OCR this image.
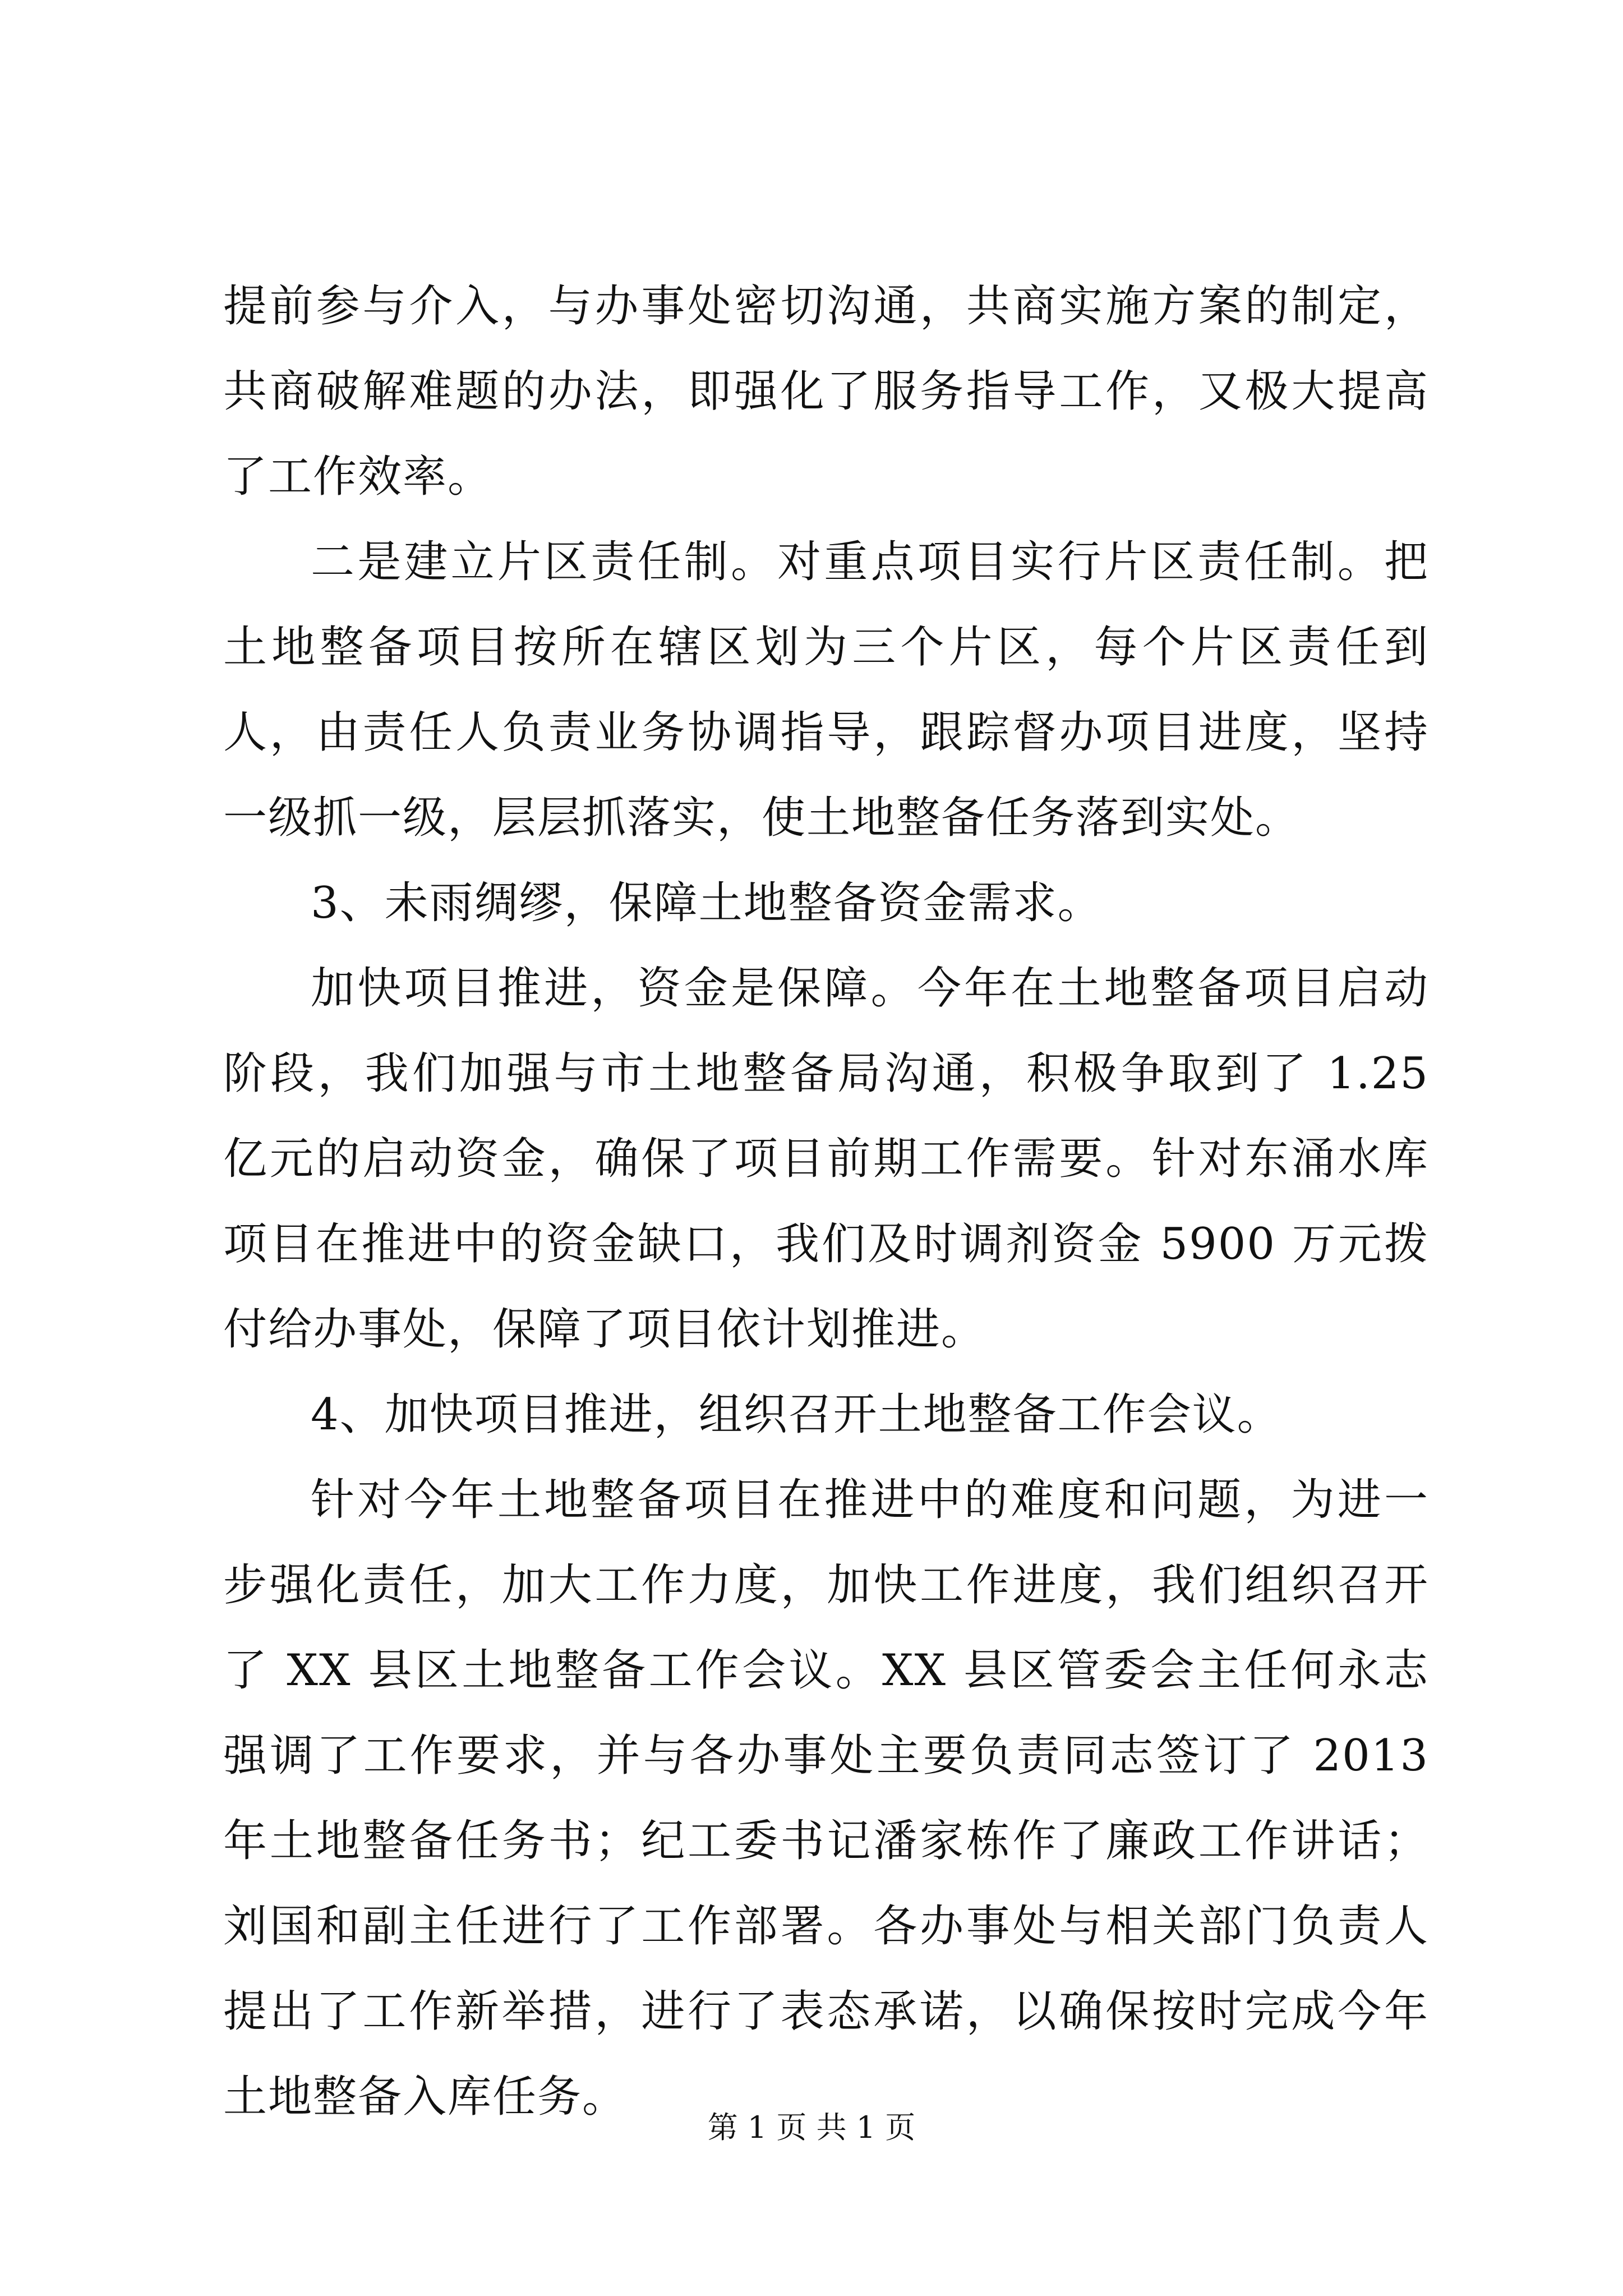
提前参与介入，与办事处密切沟通，共商实施方案的制定，共商破解难题的办法，即强化了服务指导工作，又极大提高了工作效率。

二是建立片区责任制。对重点项目实行片区责任制。把土地整备项目按所在辖区划为三个片区，每个片区责任到人，由责任人负责业务协调指导，跟踪督办项目进度，坚持一级抓一级，层层抓落实，使土地整备任务落到实处。

3、未雨绸缪，保障土地整备资金需求。

加快项目推进，资金是保障。今年在土地整备项目启动阶段，我们加强与市土地整备局沟通，积极争取到了 1.25 亿元的启动资金，确保了项目前期工作需要。针对东涌水库项目在推进中的资金缺口，我们及时调剂资金 5900 万元拨付给办事处，保障了项目依计划推进。

4、加快项目推进，组织召开土地整备工作会议。

针对今年土地整备项目在推进中的难度和问题，为进一步强化责任，加大工作力度，加快工作进度，我们组织召开了 XX 县区土地整备工作会议。XX 县区管委会主任何永志强调了工作要求，并与各办事处主要负责同志签订了 2013 年土地整备任务书；纪工委书记潘家栋作了廉政工作讲话；刘国和副主任进行了工作部署。各办事处与相关部门负责人提出了工作新举措，进行了表态承诺，以确保按时完成今年土地整备入库任务。

第 1 页 共 1 页
